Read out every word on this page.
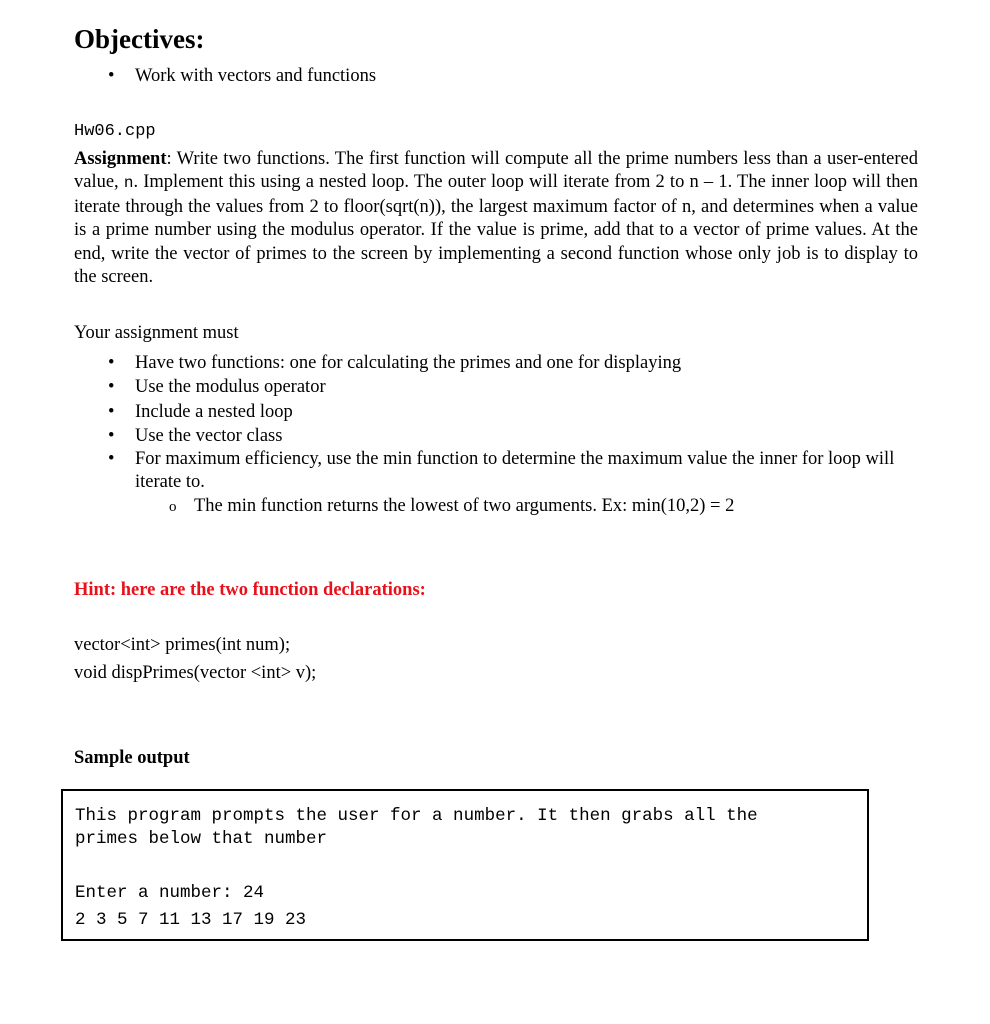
Objectives:
• Work with vectors and functions
Hw06.cpp
Assignment: Write two functions. The first function will compute all the prime numbers less than a user-entered value, n. Implement this using a nested loop. The outer loop will iterate from 2 to n – 1. The inner loop will then iterate through the values from 2 to floor(sqrt(n)), the largest maximum factor of n, and determines when a value is a prime number using the modulus operator. If the value is prime, add that to a vector of prime values. At the end, write the vector of primes to the screen by implementing a second function whose only job is to display to the screen.
Your assignment must
• Have two functions: one for calculating the primes and one for displaying
• Use the modulus operator
• Include a nested loop
• Use the vector class
• For maximum efficiency, use the min function to determine the maximum value the inner for loop will iterate to.
o The min function returns the lowest of two arguments. Ex: min(10,2) = 2
Hint: here are the two function declarations:
vector<int> primes(int num);
void dispPrimes(vector <int> v);
Sample output
This program prompts the user for a number. It then grabs all the
primes below that number
Enter a number: 24
2 3 5 7 11 13 17 19 23
